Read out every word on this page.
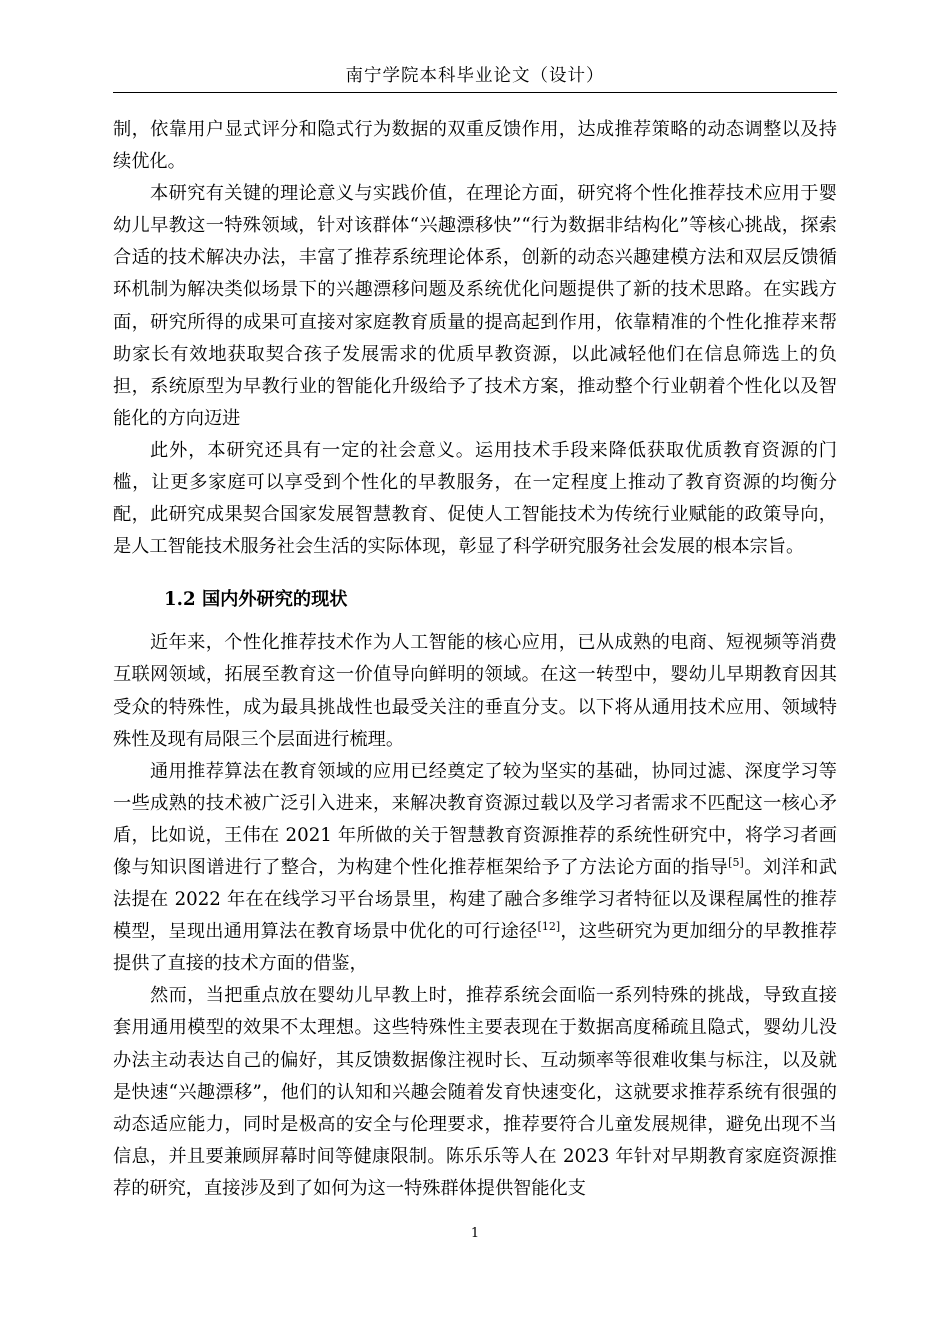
南宁学院本科毕业论文（设计）

制，依靠用户显式评分和隐式行为数据的双重反馈作用，达成推荐策略的动态调整以及持续优化。

本研究有关键的理论意义与实践价值，在理论方面，研究将个性化推荐技术应用于婴幼儿早教这一特殊领域，针对该群体“兴趣漂移快”“行为数据非结构化”等核心挑战，探索合适的技术解决办法，丰富了推荐系统理论体系，创新的动态兴趣建模方法和双层反馈循环机制为解决类似场景下的兴趣漂移问题及系统优化问题提供了新的技术思路。在实践方面，研究所得的成果可直接对家庭教育质量的提高起到作用，依靠精准的个性化推荐来帮助家长有效地获取契合孩子发展需求的优质早教资源，以此减轻他们在信息筛选上的负担，系统原型为早教行业的智能化升级给予了技术方案，推动整个行业朝着个性化以及智能化的方向迈进

此外，本研究还具有一定的社会意义。运用技术手段来降低获取优质教育资源的门槛，让更多家庭可以享受到个性化的早教服务，在一定程度上推动了教育资源的均衡分配，此研究成果契合国家发展智慧教育、促使人工智能技术为传统行业赋能的政策导向，是人工智能技术服务社会生活的实际体现，彰显了科学研究服务社会发展的根本宗旨。

1.2 国内外研究的现状

近年来，个性化推荐技术作为人工智能的核心应用，已从成熟的电商、短视频等消费互联网领域，拓展至教育这一价值导向鲜明的领域。在这一转型中，婴幼儿早期教育因其受众的特殊性，成为最具挑战性也最受关注的垂直分支。以下将从通用技术应用、领域特殊性及现有局限三个层面进行梳理。

通用推荐算法在教育领域的应用已经奠定了较为坚实的基础，协同过滤、深度学习等一些成熟的技术被广泛引入进来，来解决教育资源过载以及学习者需求不匹配这一核心矛盾，比如说，王伟在 2021 年所做的关于智慧教育资源推荐的系统性研究中，将学习者画像与知识图谱进行了整合，为构建个性化推荐框架给予了方法论方面的指导[5]。刘洋和武法提在 2022 年在在线学习平台场景里，构建了融合多维学习者特征以及课程属性的推荐模型，呈现出通用算法在教育场景中优化的可行途径[12]，这些研究为更加细分的早教推荐提供了直接的技术方面的借鉴，

然而，当把重点放在婴幼儿早教上时，推荐系统会面临一系列特殊的挑战，导致直接套用通用模型的效果不太理想。这些特殊性主要表现在于数据高度稀疏且隐式，婴幼儿没办法主动表达自己的偏好，其反馈数据像注视时长、互动频率等很难收集与标注，以及就是快速“兴趣漂移”，他们的认知和兴趣会随着发育快速变化，这就要求推荐系统有很强的动态适应能力，同时是极高的安全与伦理要求，推荐要符合儿童发展规律，避免出现不当信息，并且要兼顾屏幕时间等健康限制。陈乐乐等人在 2023 年针对早期教育家庭资源推荐的研究，直接涉及到了如何为这一特殊群体提供智能化支

1
